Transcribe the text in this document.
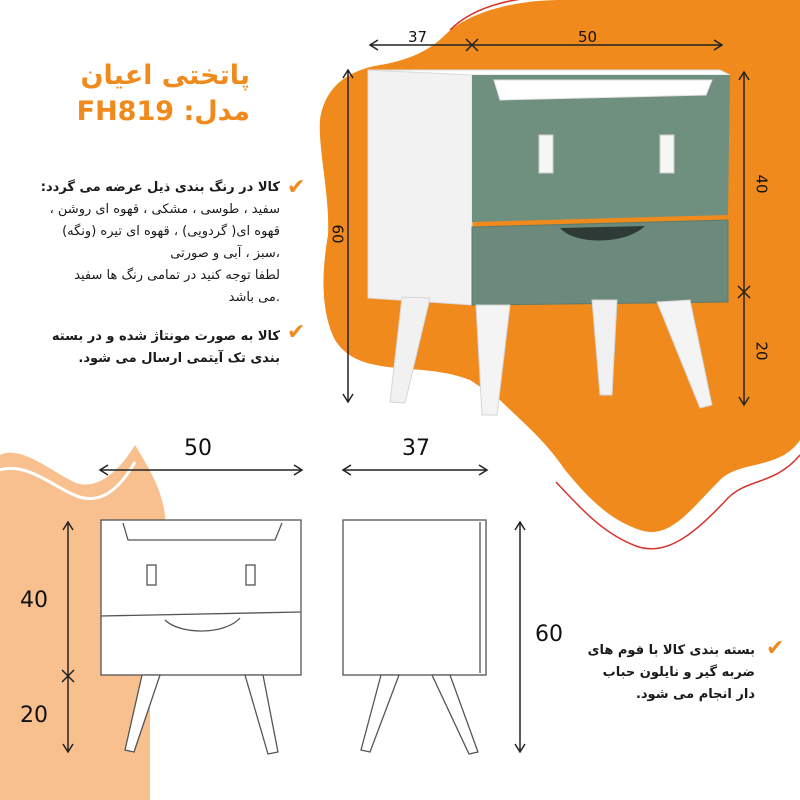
پاتختی اعیان
مدل: FH819
✔
کالا در رنگ بندی ذیل عرضه می گردد:
سفید ، طوسی ، مشکی ، قهوه ای روشن ،
قهوه ای( گردویی) ، قهوه ای تیره (ونگه)
،سبز ، آبی و صورتی
لطفا توجه کنید در تمامی رنگ ها سفید
.می باشد
✔
کالا به صورت مونتاژ شده و در بسته
بندی تک آیتمی ارسال می شود.
✔
بسته بندی کالا با فوم های
ضربه گیر و نایلون حباب
دار انجام می شود.
37	50
60
40
20
50	37
40
20
60
